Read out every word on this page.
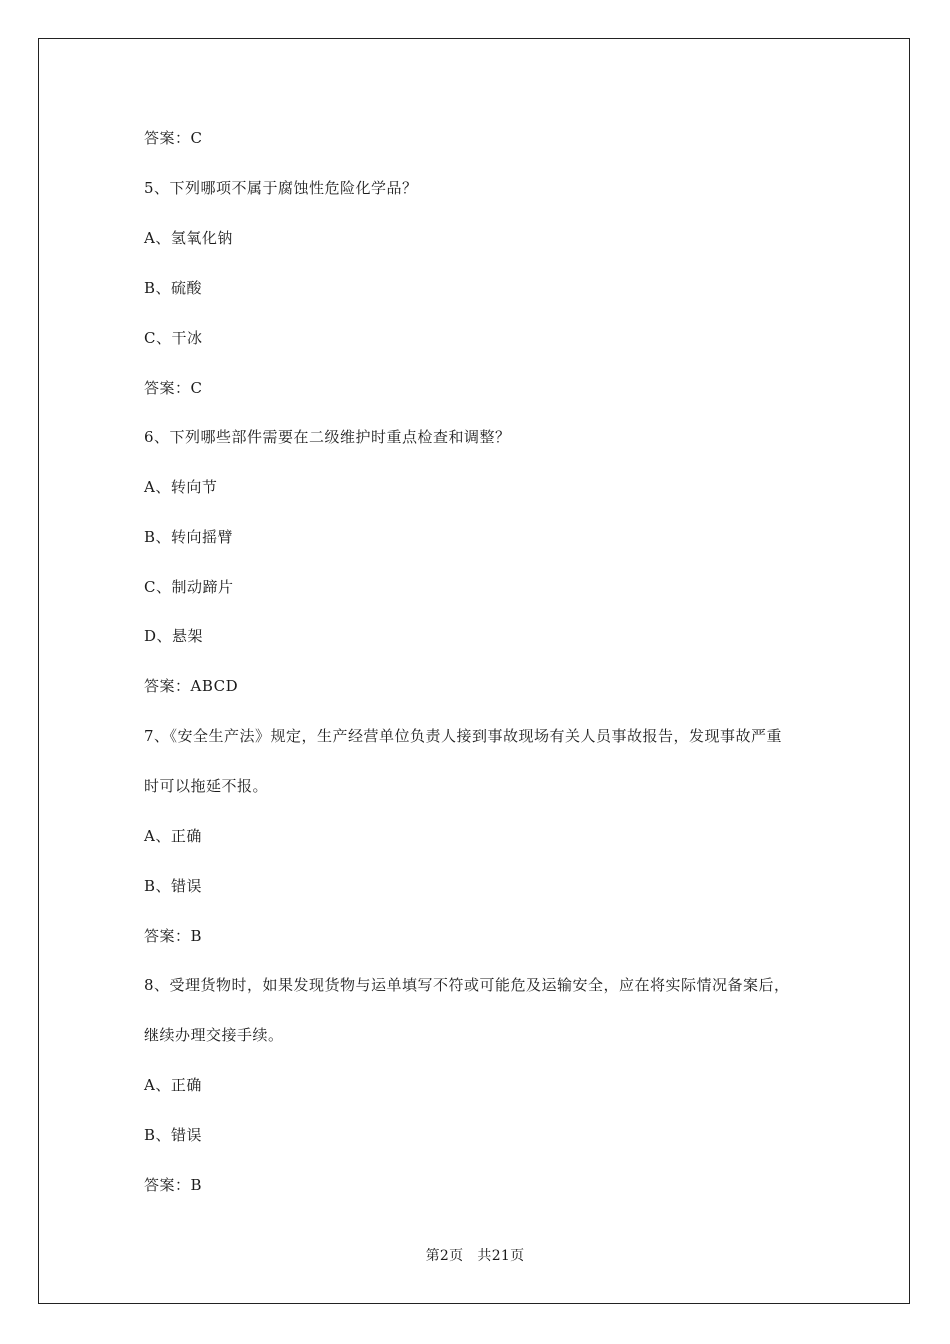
答案：C
5、下列哪项不属于腐蚀性危险化学品？
A、氢氧化钠
B、硫酸
C、干冰
答案：C
6、下列哪些部件需要在二级维护时重点检查和调整？
A、转向节
B、转向摇臂
C、制动蹄片
D、悬架
答案：ABCD
7、《安全生产法》规定，生产经营单位负责人接到事故现场有关人员事故报告，发现事故严重
时可以拖延不报。
A、正确
B、错误
答案：B
8、受理货物时，如果发现货物与运单填写不符或可能危及运输安全，应在将实际情况备案后，
继续办理交接手续。
A、正确
B、错误
答案：B
第2页 共21页
